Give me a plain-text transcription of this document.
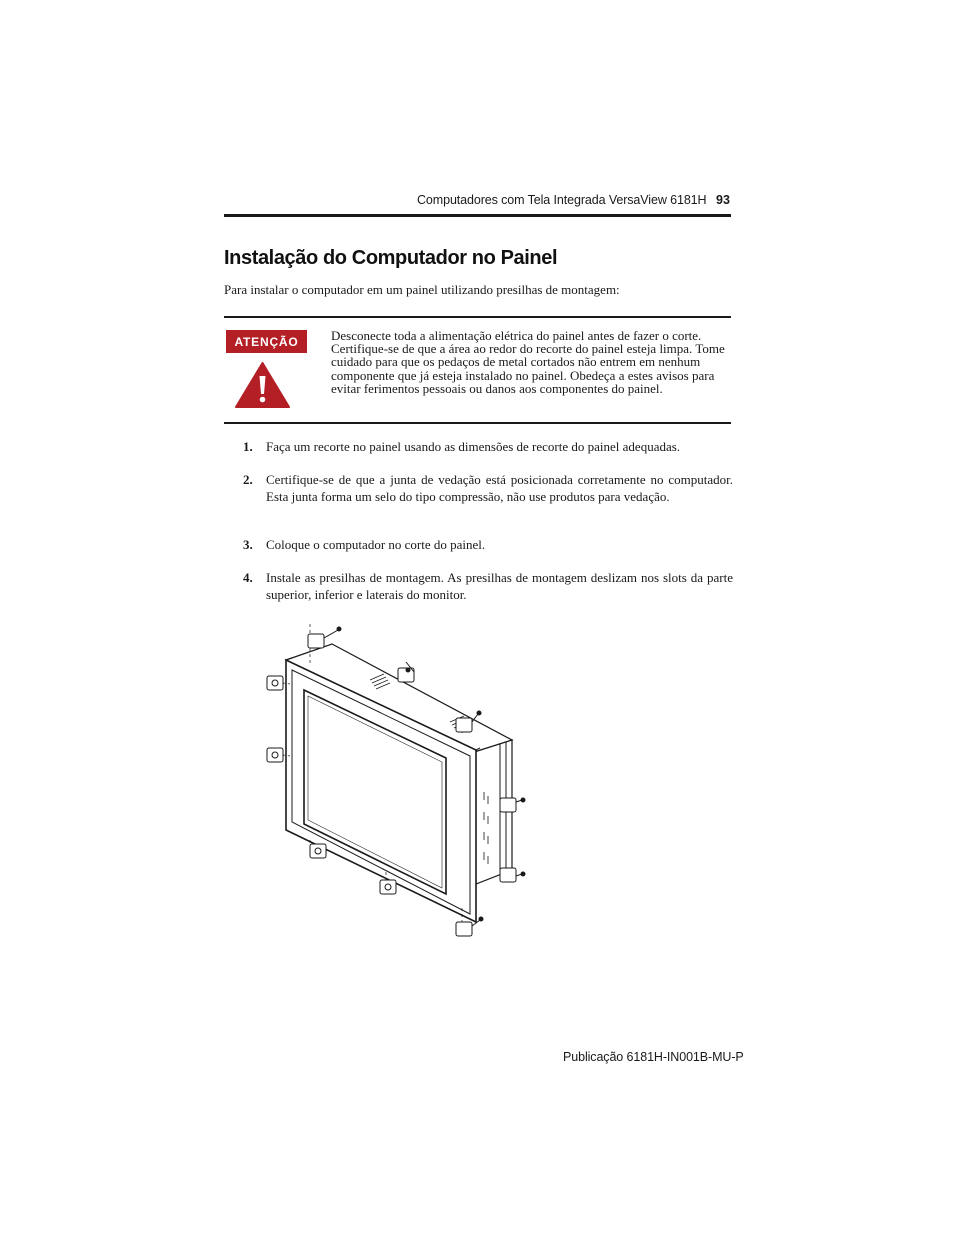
Computadores com Tela Integrada VersaView 6181H 93
Instalação do Computador no Painel
Para instalar o computador em um painel utilizando presilhas de montagem:
ATENÇÃO	Desconecte toda a alimentação elétrica do painel antes de fazer o corte. Certifique-se de que a área ao redor do recorte do painel esteja limpa. Tome cuidado para que os pedaços de metal cortados não entrem em nenhum componente que já esteja instalado no painel. Obedeça a estes avisos para evitar ferimentos pessoais ou danos aos componentes do painel.
1.	Faça um recorte no painel usando as dimensões de recorte do painel adequadas.
2.	Certifique-se de que a junta de vedação está posicionada corretamente no computador. Esta junta forma um selo do tipo compressão, não use produtos para vedação.
3.	Coloque o computador no corte do painel.
4.	Instale as presilhas de montagem. As presilhas de montagem deslizam nos slots da parte superior, inferior e laterais do monitor.
Publicação 6181H-IN001B-MU-P
